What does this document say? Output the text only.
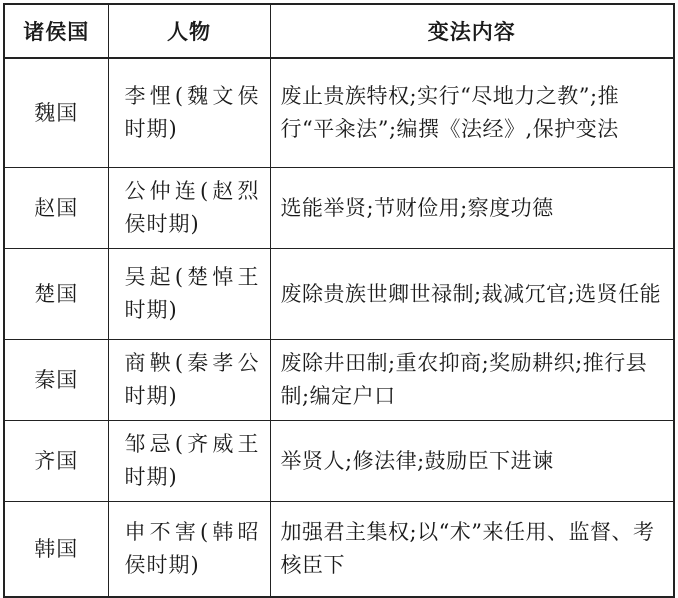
诸侯国	人物	变法内容
魏国	李悝(魏文侯时期)	废止贵族特权;实行“尽地力之教”;推行“平籴法”;编撰《法经》,保护变法
赵国	公仲连(赵烈侯时期)	选能举贤;节财俭用;察度功德
楚国	吴起(楚悼王时期)	废除贵族世卿世禄制;裁减冗官;选贤任能
秦国	商鞅(秦孝公时期)	废除井田制;重农抑商;奖励耕织;推行县制;编定户口
齐国	邹忌(齐威王时期)	举贤人;修法律;鼓励臣下进谏
韩国	申不害(韩昭侯时期)	加强君主集权;以“术”来任用、监督、考核臣下
